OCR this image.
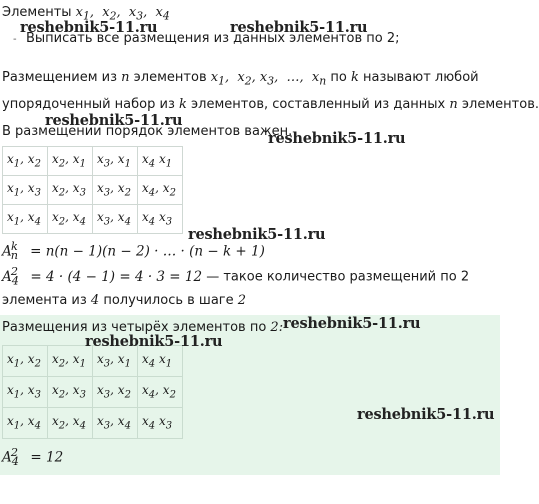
Элементы $x_1$,  $x_2$,  $x_3$,  $x_4$
- Выписать все размещения из данных элементов по 2;
Размещением из n элементов $x_1$,  $x_2$, $x_3$,  …,  $x_n$ по k называют любой
упорядоченный набор из k элементов, составленный из данных n элементов.
В размещении порядок элементов важен.
$x_1$, $x_2$	$x_2$, $x_1$	$x_3$, $x_1$	$x_4$ $x_1$
$x_1$, $x_3$	$x_2$, $x_3$	$x_3$, $x_2$	$x_4$, $x_2$
$x_1$, $x_4$	$x_2$, $x_4$	$x_3$, $x_4$	$x_4$ $x_3$
$A_n^k = n(n - 1)(n - 2)$ · … · (n − k + 1)
$A_4^2 = 4 \cdot (4 - 1) = 4 \cdot 3 = 12$ — такое количество размещений по 2
элемента из 4 получилось в шаге 2
Размещения из четырёх элементов по 2:
$x_1$, $x_2$	$x_2$, $x_1$	$x_3$, $x_1$	$x_4$ $x_1$
$x_1$, $x_3$	$x_2$, $x_3$	$x_3$, $x_2$	$x_4$, $x_2$
$x_1$, $x_4$	$x_2$, $x_4$	$x_3$, $x_4$	$x_4$ $x_3$
$A_4^2 = 12$
reshebnik5-11.ru	reshebnik5-11.ru
reshebnik5-11.ru
reshebnik5-11.ru
reshebnik5-11.ru
reshebnik5-11.ru
reshebnik5-11.ru
reshebnik5-11.ru
